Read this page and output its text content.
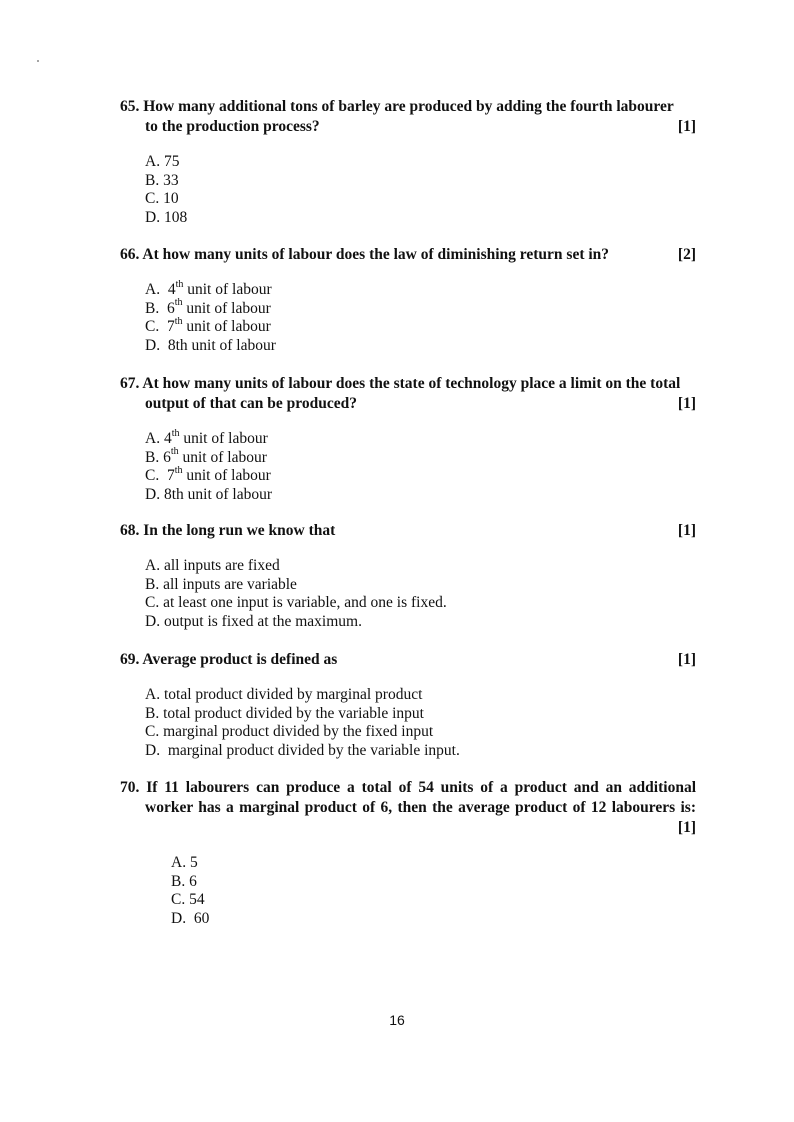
65. How many additional tons of barley are produced by adding the fourth labourer
to the production process?	[1]
A. 75
B. 33
C. 10
D. 108
66. At how many units of labour does the law of diminishing return set in?	[2]
A. 4th unit of labour
B. 6th unit of labour
C. 7th unit of labour
D. 8th unit of labour
67. At how many units of labour does the state of technology place a limit on the total
output of that can be produced?	[1]
A. 4th unit of labour
B. 6th unit of labour
C. 7th unit of labour
D. 8th unit of labour
68. In the long run we know that	[1]
A. all inputs are fixed
B. all inputs are variable
C. at least one input is variable, and one is fixed.
D. output is fixed at the maximum.
69. Average product is defined as	[1]
A. total product divided by marginal product
B. total product divided by the variable input
C. marginal product divided by the fixed input
D. marginal product divided by the variable input.
70. If 11 labourers can produce a total of 54 units of a product and an additional
worker has a marginal product of 6, then the average product of 12 labourers is:
[1]
A. 5
B. 6
C. 54
D. 60
16
